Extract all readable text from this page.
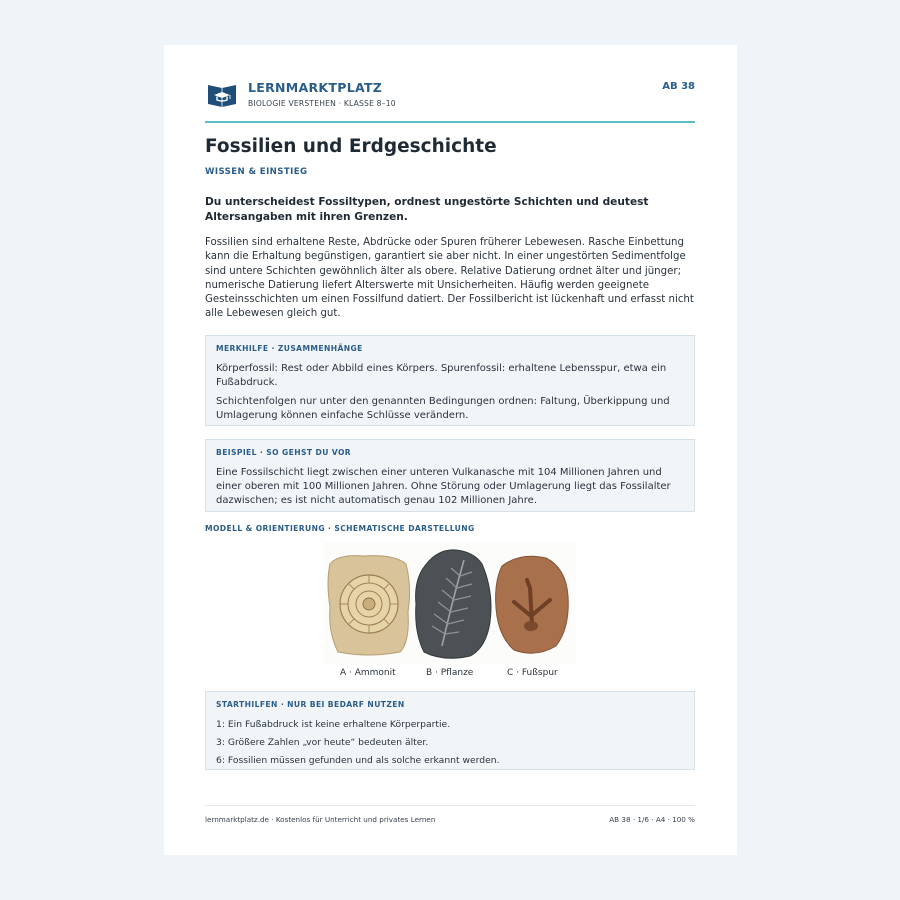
LERNMARKTPLATZ
BIOLOGIE VERSTEHEN · KLASSE 8–10
AB 38
Fossilien und Erdgeschichte
WISSEN & EINSTIEG
Du unterscheidest Fossiltypen, ordnest ungestörte Schichten und deutest Altersangaben mit ihren Grenzen.
Fossilien sind erhaltene Reste, Abdrücke oder Spuren früherer Lebewesen. Rasche Einbettung kann die Erhaltung begünstigen, garantiert sie aber nicht. In einer ungestörten Sedimentfolge sind untere Schichten gewöhnlich älter als obere. Relative Datierung ordnet älter und jünger; numerische Datierung liefert Alterswerte mit Unsicherheiten. Häufig werden geeignete Gesteinsschichten um einen Fossilfund datiert. Der Fossilbericht ist lückenhaft und erfasst nicht alle Lebewesen gleich gut.
MERKHILFE · ZUSAMMENHÄNGE

Körperfossil: Rest oder Abbild eines Körpers. Spurenfossil: erhaltene Lebensspur, etwa ein Fußabdruck.

Schichtenfolgen nur unter den genannten Bedingungen ordnen: Faltung, Überkippung und Umlagerung können einfache Schlüsse verändern.

BEISPIEL · SO GEHST DU VOR

Eine Fossilschicht liegt zwischen einer unteren Vulkanasche mit 104 Millionen Jahren und einer oberen mit 100 Millionen Jahren. Ohne Störung oder Umlagerung liegt das Fossilalter dazwischen; es ist nicht automatisch genau 102 Millionen Jahre.

MODELL & ORIENTIERUNG · SCHEMATISCHE DARSTELLUNG
A · Ammonit	B · Pflanze	C · Fußspur
STARTHILFEN · NUR BEI BEDARF NUTZEN

1: Ein Fußabdruck ist keine erhaltene Körperpartie.

3: Größere Zahlen „vor heute“ bedeuten älter.

6: Fossilien müssen gefunden und als solche erkannt werden.

lernmarktplatz.de · Kostenlos für Unterricht und privates Lernen	AB 38 · 1/6 · A4 · 100 %
